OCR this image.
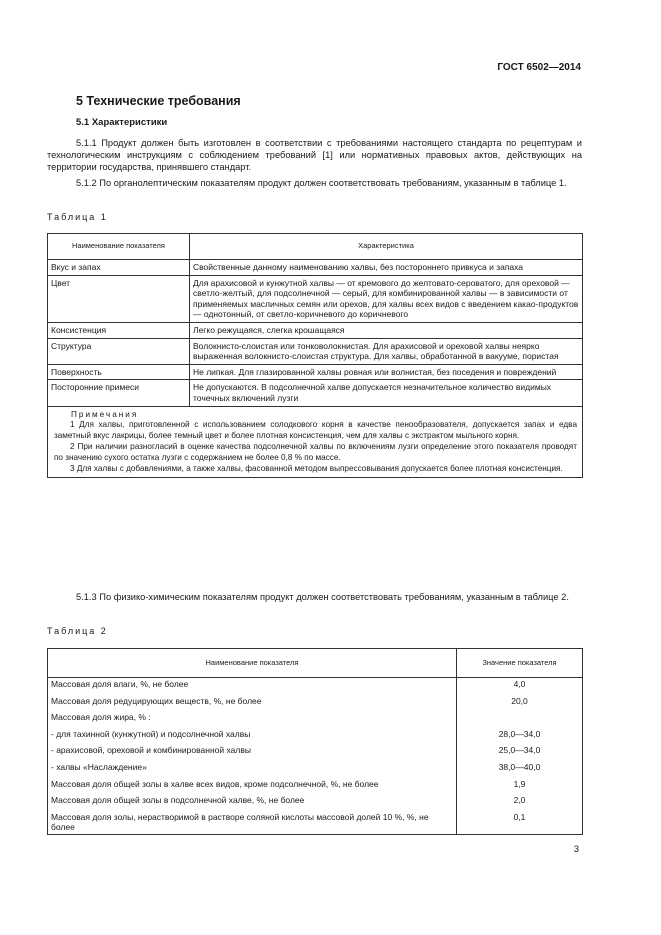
ГОСТ 6502—2014
5 Технические требования
5.1 Характеристики
5.1.1 Продукт должен быть изготовлен в соответствии с требованиями настоящего стандарта по рецептурам и технологическим инструкциям с соблюдением требований [1] или нормативных правовых актов, действующих на территории государства, принявшего стандарт.
5.1.2 По органолептическим показателям продукт должен соответствовать требованиям, указанным в таблице 1.
Таблица 1
Наименование показателя	Характеристика
Вкус и запах	Свойственные данному наименованию халвы, без постороннего привкуса и запаха
Цвет	Для арахисовой и кунжутной халвы — от кремового до желтовато-сероватого, для ореховой — светло-желтый, для подсолнечной — серый, для комбинированной халвы — в зависимости от применяемых масличных семян или орехов, для халвы всех видов с введением какао-продуктов — однотонный, от светло-коричневого до коричневого
Консистенция	Легко режущаяся, слегка крошащаяся
Структура	Волокнисто-слоистая или тонковолокнистая. Для арахисовой и ореховой халвы неярко выраженная волокнисто-слоистая структура. Для халвы, обработанной в вакууме, пористая
Поверхность	Не липкая. Для глазированной халвы ровная или волнистая, без поседения и повреждений
Посторонние примеси	Не допускаются. В подсолнечной халве допускается незначительное количество видимых точечных включений лузги

Примечания
1 Для халвы, приготовленной с использованием солодкового корня в качестве пенообразователя, допускается запах и едва заметный вкус лакрицы, более темный цвет и более плотная консистенция, чем для халвы с экстрактом мыльного корня.
2 При наличии разногласий в оценке качества подсолнечной халвы по включениям лузги определение этого показателя проводят по значению сухого остатка лузги с содержанием не более 0,8 % по массе.
3 Для халвы с добавлениями, а также халвы, фасованной методом выпрессовывания допускается более плотная консистенция.	
5.1.3 По физико-химическим показателям продукт должен соответствовать требованиям, указанным в таблице 2.
Таблица 2
Наименование показателя	Значение показателя
Массовая доля влаги, %, не более	4,0
Массовая доля редуцирующих веществ, %, не более	20,0
Массовая доля жира, % :	
- для тахинной (кунжутной) и подсолнечной халвы	28,0—34,0
- арахисовой, ореховой и комбинированной халвы	25,0—34,0
- халвы «Наслаждение»	38,0—40,0
Массовая доля общей золы в халве всех видов, кроме подсолнечной, %, не более	1,9
Массовая доля общей золы в подсолнечной халве, %, не более	2,0
Массовая доля золы, нерастворимой в растворе соляной кислоты массовой долей 10 %, %, не более	0,1
3
